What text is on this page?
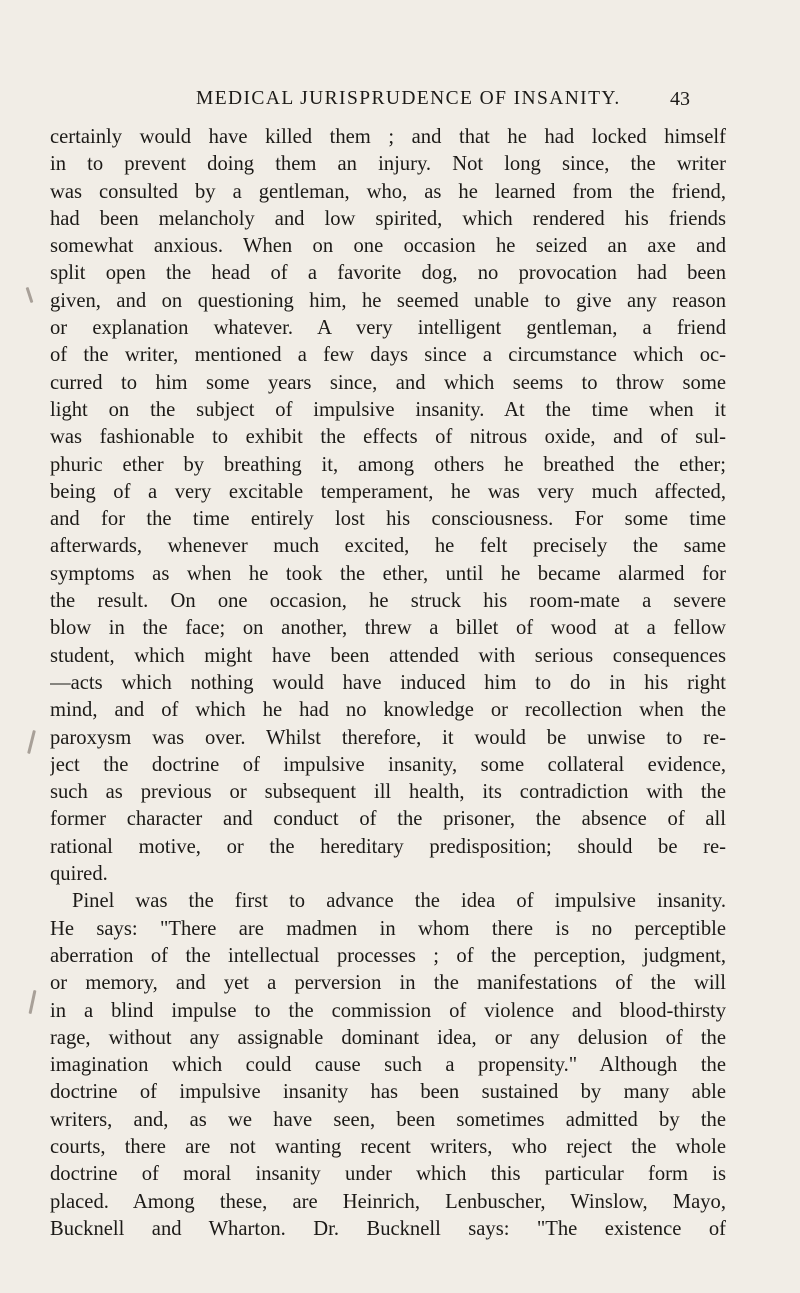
MEDICAL JURISPRUDENCE OF INSANITY. 43
certainly would have killed them ; and that he had locked himself
in to prevent doing them an injury. Not long since, the writer
was consulted by a gentleman, who, as he learned from the friend,
had been melancholy and low spirited, which rendered his friends
somewhat anxious. When on one occasion he seized an axe and
split open the head of a favorite dog, no provocation had been
given, and on questioning him, he seemed unable to give any reason
or explanation whatever. A very intelligent gentleman, a friend
of the writer, mentioned a few days since a circumstance which oc-
curred to him some years since, and which seems to throw some
light on the subject of impulsive insanity. At the time when it
was fashionable to exhibit the effects of nitrous oxide, and of sul-
phuric ether by breathing it, among others he breathed the ether;
being of a very excitable temperament, he was very much affected,
and for the time entirely lost his consciousness. For some time
afterwards, whenever much excited, he felt precisely the same
symptoms as when he took the ether, until he became alarmed for
the result. On one occasion, he struck his room-mate a severe
blow in the face; on another, threw a billet of wood at a fellow
student, which might have been attended with serious consequences
—acts which nothing would have induced him to do in his right
mind, and of which he had no knowledge or recollection when the
paroxysm was over. Whilst therefore, it would be unwise to re-
ject the doctrine of impulsive insanity, some collateral evidence,
such as previous or subsequent ill health, its contradiction with the
former character and conduct of the prisoner, the absence of all
rational motive, or the hereditary predisposition; should be re-
quired.
Pinel was the first to advance the idea of impulsive insanity.
He says: "There are madmen in whom there is no perceptible
aberration of the intellectual processes ; of the perception, judgment,
or memory, and yet a perversion in the manifestations of the will
in a blind impulse to the commission of violence and blood-thirsty
rage, without any assignable dominant idea, or any delusion of the
imagination which could cause such a propensity." Although the
doctrine of impulsive insanity has been sustained by many able
writers, and, as we have seen, been sometimes admitted by the
courts, there are not wanting recent writers, who reject the whole
doctrine of moral insanity under which this particular form is
placed. Among these, are Heinrich, Lenbuscher, Winslow, Mayo,
Bucknell and Wharton. Dr. Bucknell says: "The existence of
